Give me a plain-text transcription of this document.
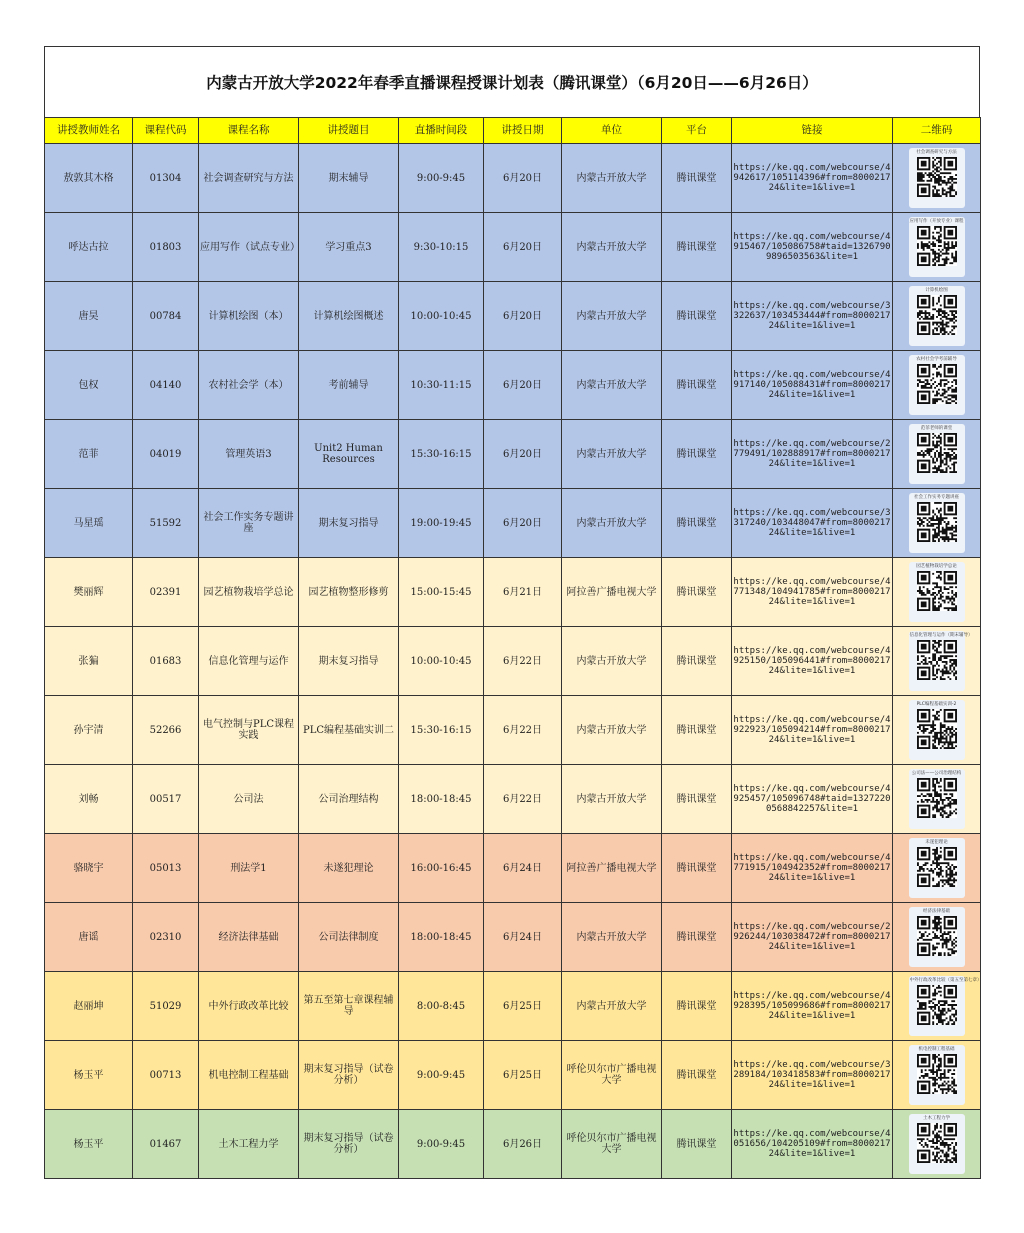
内蒙古开放大学2022年春季直播课程授课计划表（腾讯课堂）（6月20日——6月26日）
讲授教师姓名	课程代码	课程名称	讲授题目	直播时间段	讲授日期	单位	平台	链接	二维码
敖敦其木格	01304	社会调查研究与方法	期末辅导	9:00-9:45	6月20日	内蒙古开放大学	腾讯课堂	https://ke.qq.com/webcourse/4942617/105114396#from=800021724&lite=1&live=1	社会调查研究与方法

呼达古拉	01803	应用写作（试点专业）	学习重点3	9:30-10:15	6月20日	内蒙古开放大学	腾讯课堂	https://ke.qq.com/webcourse/4915467/105086758#taid=13267909896503563&lite=1	应用写作（开放专业）课程

唐昊	00784	计算机绘图（本）	计算机绘图概述	10:00-10:45	6月20日	内蒙古开放大学	腾讯课堂	https://ke.qq.com/webcourse/3322637/103453444#from=800021724&lite=1&live=1	计算机绘图

包权	04140	农村社会学（本）	考前辅导	10:30-11:15	6月20日	内蒙古开放大学	腾讯课堂	https://ke.qq.com/webcourse/4917140/105088431#from=800021724&lite=1&live=1	农村社会学考前辅导

范菲	04019	管理英语3	Unit2 Human Resources	15:30-16:15	6月20日	内蒙古开放大学	腾讯课堂	https://ke.qq.com/webcourse/2779491/102888917#from=800021724&lite=1&live=1	范菲老师的课堂

马星瑶	51592	社会工作实务专题讲座	期末复习指导	19:00-19:45	6月20日	内蒙古开放大学	腾讯课堂	https://ke.qq.com/webcourse/3317240/103448047#from=800021724&lite=1&live=1	社会工作实务专题讲座

樊丽辉	02391	园艺植物栽培学总论	园艺植物整形修剪	15:00-15:45	6月21日	阿拉善广播电视大学	腾讯课堂	https://ke.qq.com/webcourse/4771348/104941785#from=800021724&lite=1&live=1	园艺植物栽培学总论

张猵	01683	信息化管理与运作	期末复习指导	10:00-10:45	6月22日	内蒙古开放大学	腾讯课堂	https://ke.qq.com/webcourse/4925150/105096441#from=800021724&lite=1&live=1	信息化管理与运作（期末辅导）

孙宇清	52266	电气控制与PLC课程实践	PLC编程基础实训二	15:30-16:15	6月22日	内蒙古开放大学	腾讯课堂	https://ke.qq.com/webcourse/4922923/105094214#from=800021724&lite=1&live=1	PLC编程基础实训-2

刘畅	00517	公司法	公司治理结构	18:00-18:45	6月22日	内蒙古开放大学	腾讯课堂	https://ke.qq.com/webcourse/4925457/105096748#taid=13272200568842257&lite=1	公司法——公司治理结构

骆晓宇	05013	刑法学1	未遂犯理论	16:00-16:45	6月24日	阿拉善广播电视大学	腾讯课堂	https://ke.qq.com/webcourse/4771915/104942352#from=800021724&lite=1&live=1	未遂犯理论

唐谣	02310	经济法律基础	公司法律制度	18:00-18:45	6月24日	内蒙古开放大学	腾讯课堂	https://ke.qq.com/webcourse/2926244/103038472#from=800021724&lite=1&live=1	经济法律基础

赵丽坤	51029	中外行政改革比较	第五至第七章课程辅导	8:00-8:45	6月25日	内蒙古开放大学	腾讯课堂	https://ke.qq.com/webcourse/4928395/105099686#from=800021724&lite=1&live=1	中外行政改革比较（第五至第七章）

杨玉平	00713	机电控制工程基础	期末复习指导（试卷分析）	9:00-9:45	6月25日	呼伦贝尔市广播电视大学	腾讯课堂	https://ke.qq.com/webcourse/3289184/103418583#from=800021724&lite=1&live=1	机电控制工程基础

杨玉平	01467	土木工程力学	期末复习指导（试卷分析）	9:00-9:45	6月26日	呼伦贝尔市广播电视大学	腾讯课堂	https://ke.qq.com/webcourse/4051656/104205109#from=800021724&lite=1&live=1	土木工程力学
